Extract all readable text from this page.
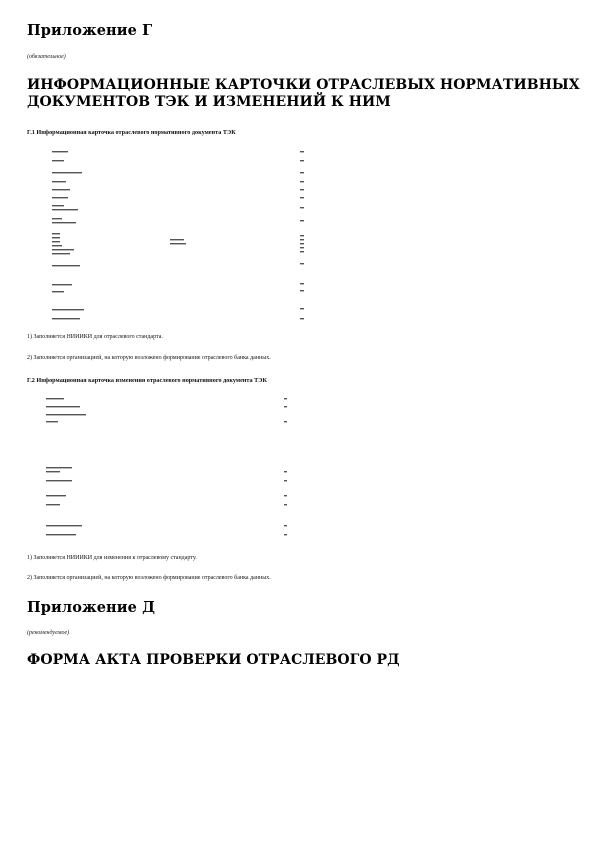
Приложение Г

(обязательное)

ИНФОРМАЦИОННЫЕ КАРТОЧКИ ОТРАСЛЕВЫХ НОРМАТИВНЫХ ДОКУМЕНТОВ ТЭК И ИЗМЕНЕНИЙ К НИМ

Г.1 Информационная карточка отраслевого нормативного документа ТЭК

1) Заполняется НИИИКИ для отраслевого стандарта.

2) Заполняется организацией, на которую возложено формирование отраслевого банка данных.

Г.2 Информационная карточка изменения отраслевого нормативного документа ТЭК

1) Заполняется НИИИКИ для изменения к отраслевому стандарту.

2) Заполняется организацией, на которую возложено формирование отраслевого банка данных.

Приложение Д

(рекомендуемое)

ФОРМА АКТА ПРОВЕРКИ ОТРАСЛЕВОГО РД
